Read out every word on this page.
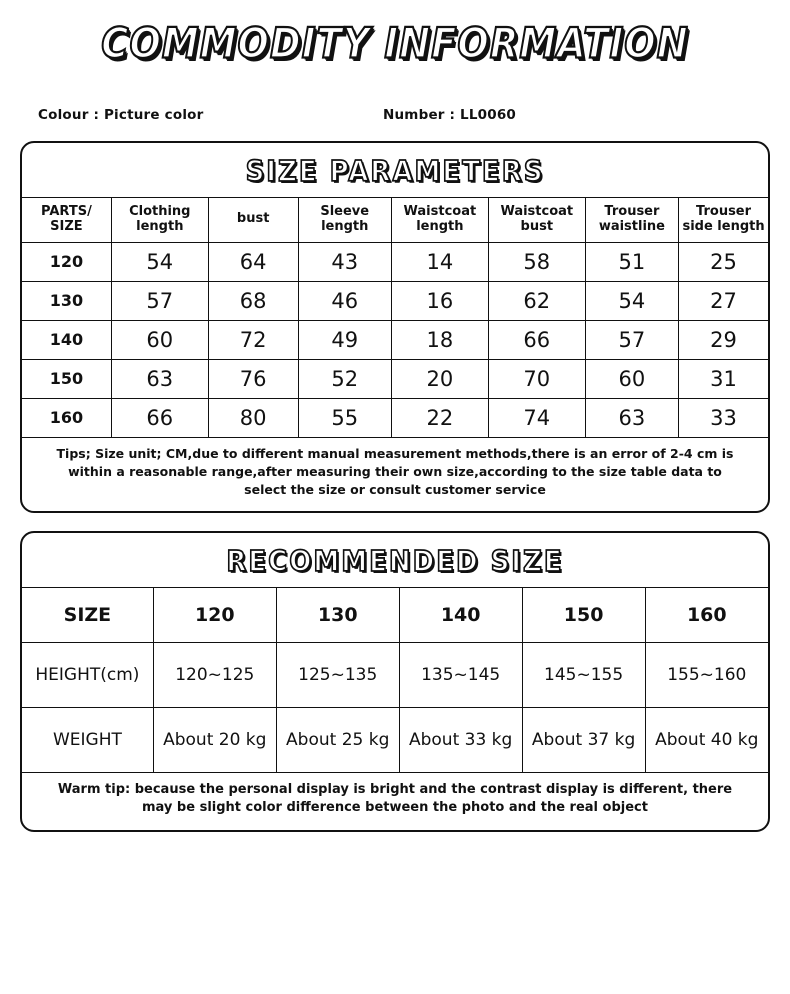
COMMODITY INFORMATION
Colour : Picture color	Number : LL0060
SIZE PARAMETERS
PARTS/ SIZE	Clothing length	bust	Sleeve length	Waistcoat length	Waistcoat bust	Trouser waistline	Trouser side length
120	54	64	43	14	58	51	25
130	57	68	46	16	62	54	27
140	60	72	49	18	66	57	29
150	63	76	52	20	70	60	31
160	66	80	55	22	74	63	33
Tips; Size unit; CM,due to different manual measurement methods,there is an error of 2-4 cm is within a reasonable range,after measuring their own size,according to the size table data to select the size or consult customer service
RECOMMENDED SIZE
SIZE	120	130	140	150	160
HEIGHT(cm)	120~125	125~135	135~145	145~155	155~160
WEIGHT	About 20 kg	About 25 kg	About 33 kg	About 37 kg	About 40 kg
Warm tip: because the personal display is bright and the contrast display is different, there may be slight color difference between the photo and the real object
